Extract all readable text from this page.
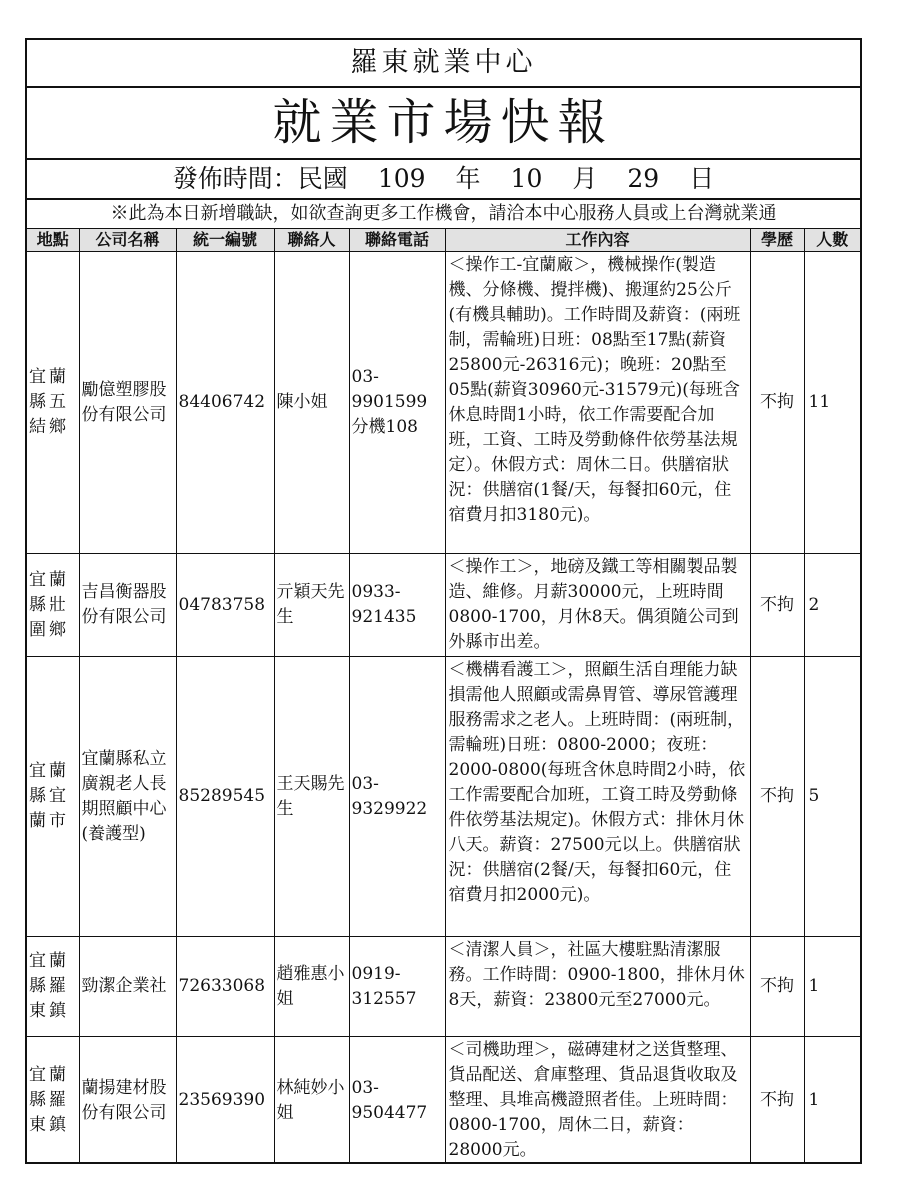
羅東就業中心
就業市場快報
發佈時間：民國 109 年 10 月 29 日
※此為本日新增職缺，如欲查詢更多工作機會，請洽本中心服務人員或上台灣就業通
地點	公司名稱	統一編號	聯絡人	聯絡電話	工作內容	學歷	人數
宜蘭縣五結鄉	勵億塑膠股份有限公司	84406742	陳小姐	03-9901599分機108	＜操作工-宜蘭廠＞，機械操作(製造機、分條機、攪拌機)、搬運約25公斤(有機具輔助)。工作時間及薪資：(兩班制，需輪班)日班：08點至17點(薪資25800元-26316元)；晚班：20點至05點(薪資30960元-31579元)(每班含休息時間1小時，依工作需要配合加班，工資、工時及勞動條件依勞基法規定）。休假方式：周休二日。供膳宿狀況：供膳宿(1餐/天，每餐扣60元，住宿費月扣3180元)。	不拘	11
宜蘭縣壯圍鄉	吉昌衡器股份有限公司	04783758	亓穎天先生	0933-921435	＜操作工＞，地磅及鐵工等相關製品製造、維修。月薪30000元，上班時間0800-1700，月休8天。偶須隨公司到外縣市出差。	不拘	2
宜蘭縣宜蘭市	宜蘭縣私立廣親老人長期照顧中心(養護型)	85289545	王天賜先生	03-9329922	＜機構看護工＞，照顧生活自理能力缺損需他人照顧或需鼻胃管、導尿管護理服務需求之老人。上班時間：(兩班制，需輪班)日班：0800-2000；夜班：2000-0800(每班含休息時間2小時，依工作需要配合加班，工資工時及勞動條件依勞基法規定)。休假方式：排休月休八天。薪資：27500元以上。供膳宿狀況：供膳宿(2餐/天，每餐扣60元，住宿費月扣2000元)。	不拘	5
宜蘭縣羅東鎮	勁潔企業社	72633068	趙雅惠小姐	0919-312557	＜清潔人員＞，社區大樓駐點清潔服務。工作時間：0900-1800，排休月休8天，薪資：23800元至27000元。	不拘	1
宜蘭縣羅東鎮	蘭揚建材股份有限公司	23569390	林純妙小姐	03-9504477	＜司機助理＞，磁磚建材之送貨整理、貨品配送、倉庫整理、貨品退貨收取及整理、具堆高機證照者佳。上班時間：0800-1700，周休二日，薪資：28000元。	不拘	1
